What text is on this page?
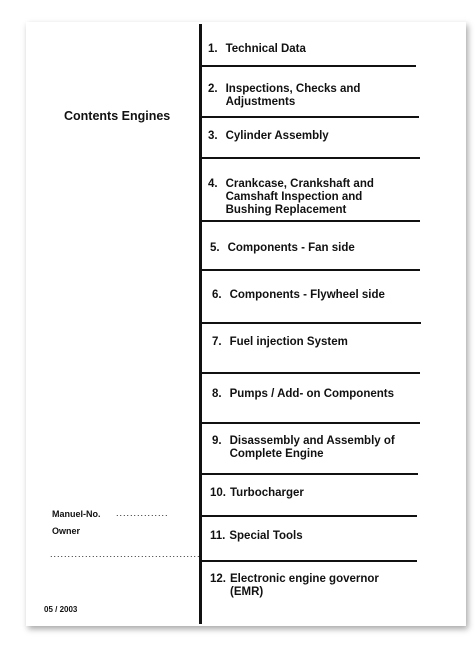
Contents Engines
1. Technical Data
2. Inspections, Checks and
Adjustments
3. Cylinder Assembly
4. Crankcase, Crankshaft and
Camshaft Inspection and
Bushing Replacement
5. Components - Fan side
6. Components - Flywheel side
7. Fuel injection System
8. Pumps / Add- on Components
9. Disassembly and Assembly of
Complete Engine
10. Turbocharger
11. Special Tools
12. Electronic engine governor
(EMR)
Manuel-No. ...............
Owner
...........................................
05 / 2003
